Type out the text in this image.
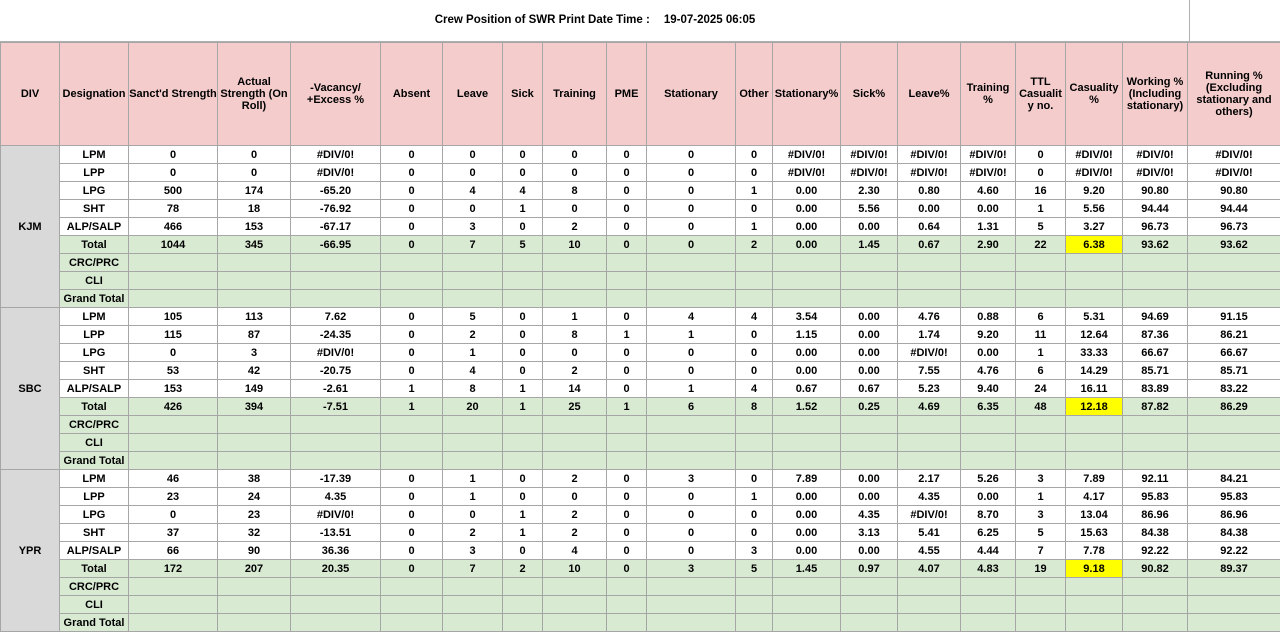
Crew Position of SWR Print Date Time : 19-07-2025 06:05
DIV	Designation	Sanct'd Strength	Actual Strength (On Roll)	-Vacancy/ +Excess %	Absent	Leave	Sick	Training	PME	Stationary	Other	Stationary%	Sick%	Leave%	Training %	TTL Casualit y no.	Casuality %	Working % (Including stationary)	Running % (Excluding stationary and others)
KJM	LPM	0	0	#DIV/0!	0	0	0	0	0	0	0	#DIV/0!	#DIV/0!	#DIV/0!	#DIV/0!	0	#DIV/0!	#DIV/0!	#DIV/0!
	LPP	0	0	#DIV/0!	0	0	0	0	0	0	0	#DIV/0!	#DIV/0!	#DIV/0!	#DIV/0!	0	#DIV/0!	#DIV/0!	#DIV/0!
	LPG	500	174	-65.20	0	4	4	8	0	0	1	0.00	2.30	0.80	4.60	16	9.20	90.80	90.80
	SHT	78	18	-76.92	0	0	1	0	0	0	0	0.00	5.56	0.00	0.00	1	5.56	94.44	94.44
	ALP/SALP	466	153	-67.17	0	3	0	2	0	0	1	0.00	0.00	0.64	1.31	5	3.27	96.73	96.73
	Total	1044	345	-66.95	0	7	5	10	0	0	2	0.00	1.45	0.67	2.90	22	6.38	93.62	93.62
	CRC/PRC																		
	CLI																		
	Grand Total																		
SBC	LPM	105	113	7.62	0	5	0	1	0	4	4	3.54	0.00	4.76	0.88	6	5.31	94.69	91.15
	LPP	115	87	-24.35	0	2	0	8	1	1	0	1.15	0.00	1.74	9.20	11	12.64	87.36	86.21
	LPG	0	3	#DIV/0!	0	1	0	0	0	0	0	0.00	0.00	#DIV/0!	0.00	1	33.33	66.67	66.67
	SHT	53	42	-20.75	0	4	0	2	0	0	0	0.00	0.00	7.55	4.76	6	14.29	85.71	85.71
	ALP/SALP	153	149	-2.61	1	8	1	14	0	1	4	0.67	0.67	5.23	9.40	24	16.11	83.89	83.22
	Total	426	394	-7.51	1	20	1	25	1	6	8	1.52	0.25	4.69	6.35	48	12.18	87.82	86.29
	CRC/PRC																		
	CLI																		
	Grand Total																		
YPR	LPM	46	38	-17.39	0	1	0	2	0	3	0	7.89	0.00	2.17	5.26	3	7.89	92.11	84.21
	LPP	23	24	4.35	0	1	0	0	0	0	1	0.00	0.00	4.35	0.00	1	4.17	95.83	95.83
	LPG	0	23	#DIV/0!	0	0	1	2	0	0	0	0.00	4.35	#DIV/0!	8.70	3	13.04	86.96	86.96
	SHT	37	32	-13.51	0	2	1	2	0	0	0	0.00	3.13	5.41	6.25	5	15.63	84.38	84.38
	ALP/SALP	66	90	36.36	0	3	0	4	0	0	3	0.00	0.00	4.55	4.44	7	7.78	92.22	92.22
	Total	172	207	20.35	0	7	2	10	0	3	5	1.45	0.97	4.07	4.83	19	9.18	90.82	89.37
	CRC/PRC																		
	CLI																		
	Grand Total																		
